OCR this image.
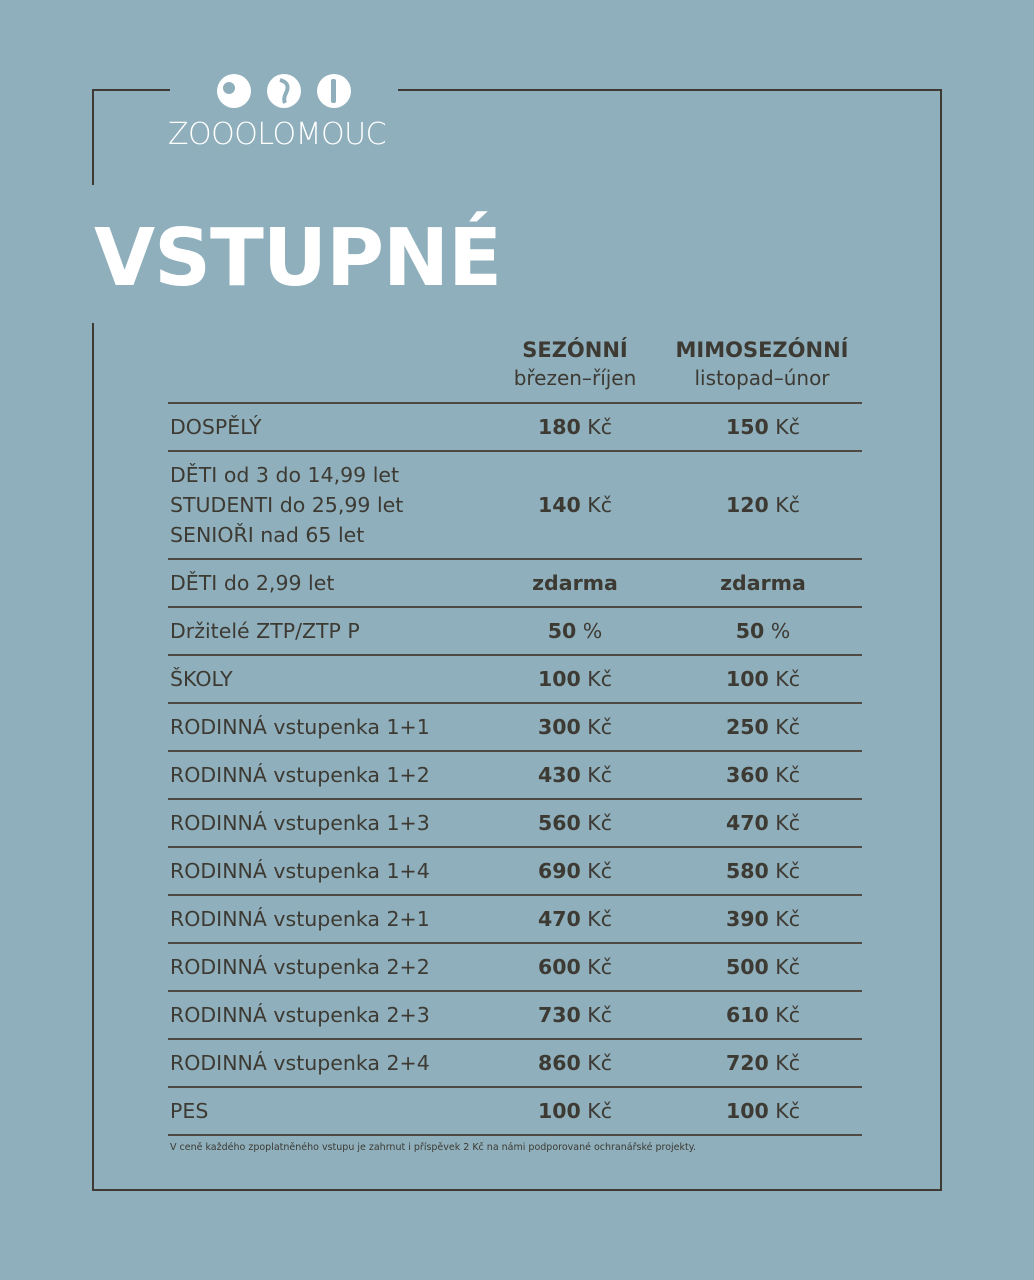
ZOOOLOMOUC
VSTUPNÉ
SEZÓNNÍ
březen–říjen
MIMOSEZÓNNÍ
listopad–únor
DOSPĚLÝ	180 Kč	150 Kč
DĚTI od 3 do 14,99 let
STUDENTI do 25,99 let
SENIOŘI nad 65 let
140 Kč	120 Kč
DĚTI do 2,99 let	zdarma	zdarma
Držitelé ZTP/ZTP P	50 %	50 %
ŠKOLY	100 Kč	100 Kč
RODINNÁ vstupenka 1+1	300 Kč	250 Kč
RODINNÁ vstupenka 1+2	430 Kč	360 Kč
RODINNÁ vstupenka 1+3	560 Kč	470 Kč
RODINNÁ vstupenka 1+4	690 Kč	580 Kč
RODINNÁ vstupenka 2+1	470 Kč	390 Kč
RODINNÁ vstupenka 2+2	600 Kč	500 Kč
RODINNÁ vstupenka 2+3	730 Kč	610 Kč
RODINNÁ vstupenka 2+4	860 Kč	720 Kč
PES	100 Kč	100 Kč
V ceně každého zpoplatněného vstupu je zahrnut i příspěvek 2 Kč na námi podporované ochranářské projekty.
